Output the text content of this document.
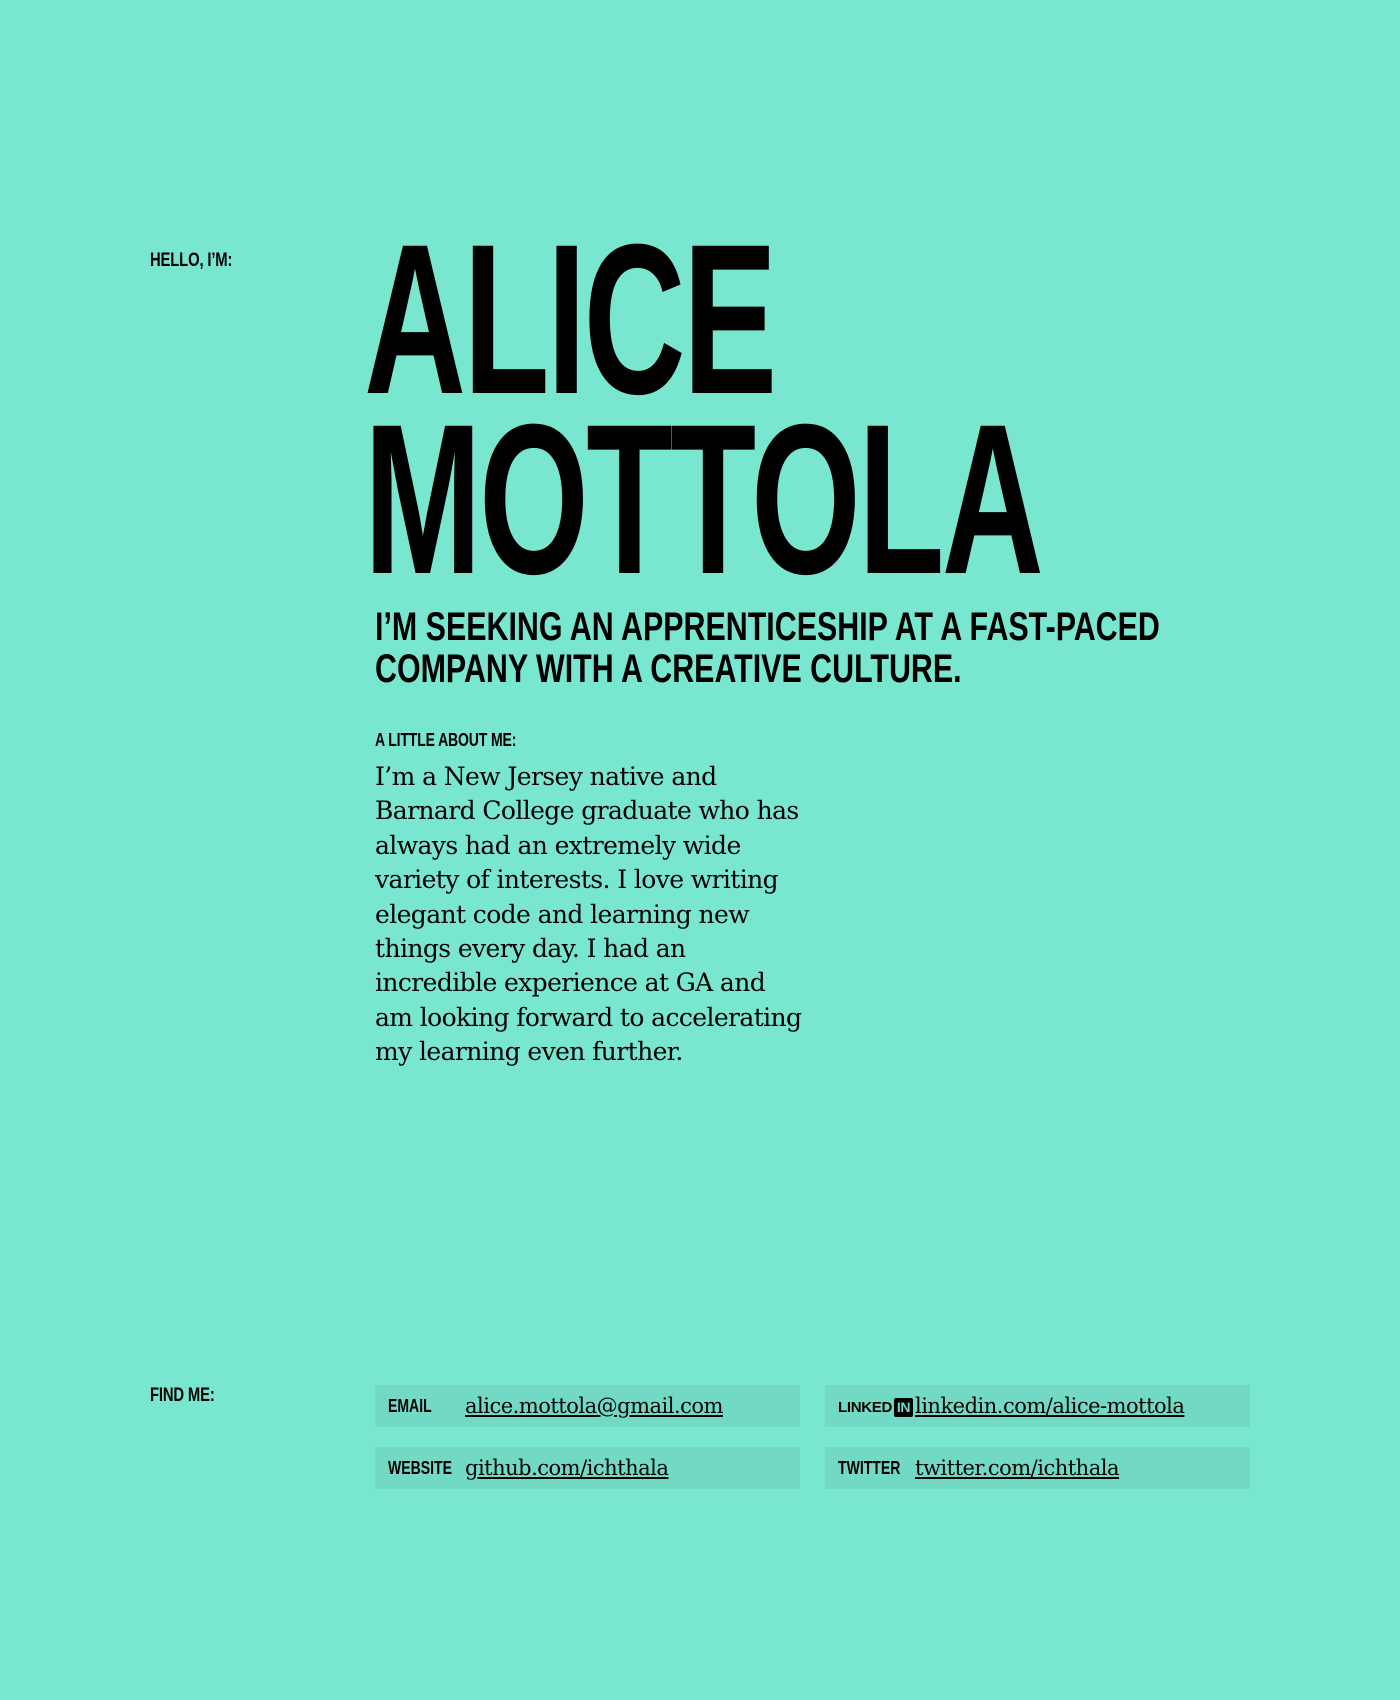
HELLO, I’M: ALICE
MOTTOLA
I’M SEEKING AN APPRENTICESHIP AT A FAST-PACED COMPANY WITH A CREATIVE CULTURE.
A LITTLE ABOUT ME:

I’m a New Jersey native and Barnard College graduate who has always had an extremely wide variety of interests. I love writing elegant code and learning new things every day. I had an incredible experience at GA and am looking forward to accelerating my learning even further.

FIND ME:	EMAIL	alice.mottola@gmail.com
WEBSITE github.com/ichthala
LINKED IN linkedin.com/alice-mottola
TWITTER twitter.com/ichthala
